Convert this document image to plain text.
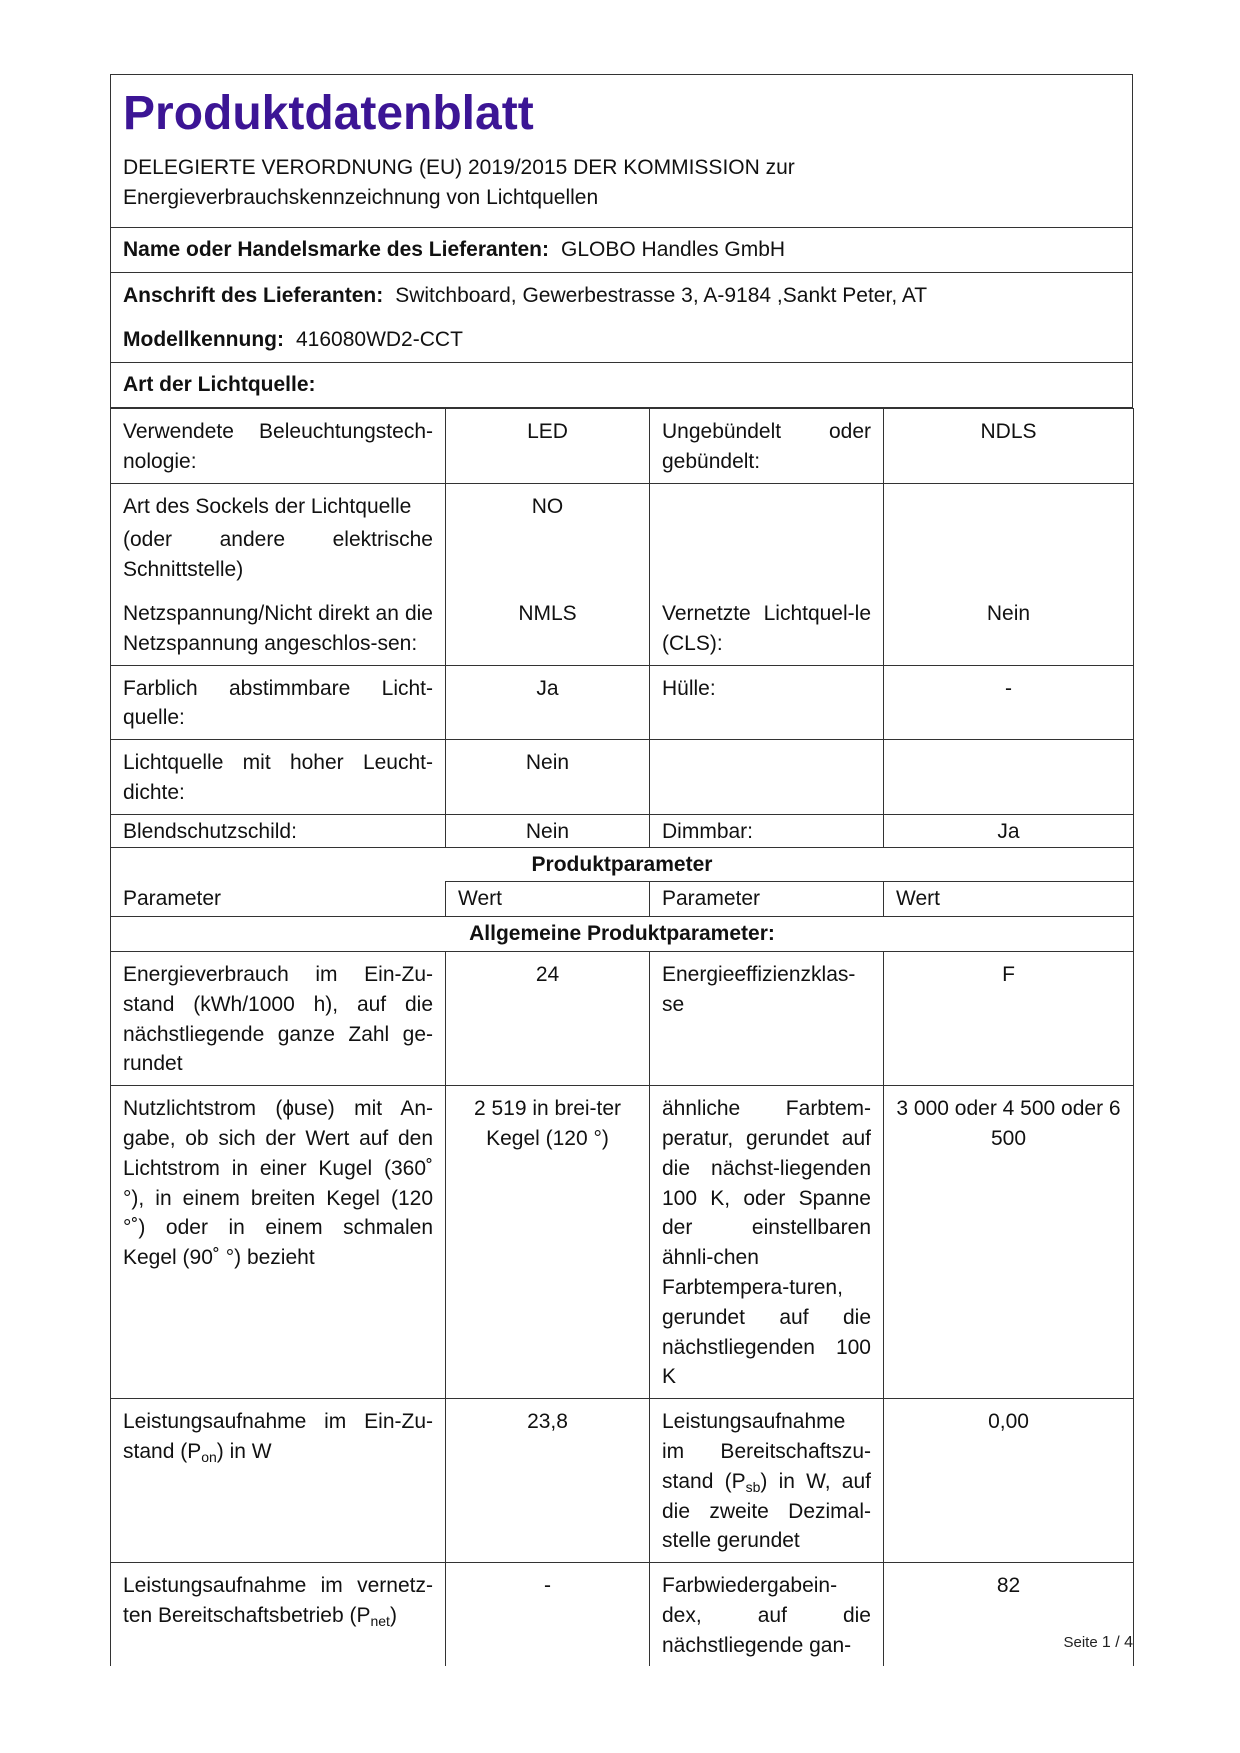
Produktdatenblatt
DELEGIERTE VERORDNUNG (EU) 2019/2015 DER KOMMISSION zur
Energieverbrauchskennzeichnung von Lichtquellen
Name oder Handelsmarke des Lieferanten: GLOBO Handles GmbH
Anschrift des Lieferanten: Switchboard, Gewerbestrasse 3, A-9184 ,Sankt Peter, AT
Modellkennung: 416080WD2-CCT
Art der Lichtquelle:
Verwendete Beleuchtungstech-nologie:	LED	Ungebündelt oder gebündelt:	NDLS

Art des Sockels der Lichtquelle
(oder andere elektrische
Schnittstelle)	NO		
Netzspannung/Nicht direkt an die Netzspannung angeschlos-sen:	NMLS	Vernetzte Lichtquel-le (CLS):	Nein
Farblich abstimmbare Licht-quelle:	Ja	Hülle:	-
Lichtquelle mit hoher Leucht-dichte:	Nein		
Blendschutzschild:	Nein	Dimmbar:	Ja
Produktparameter			
Parameter	Wert	Parameter	Wert
Allgemeine Produktparameter:			
Energieverbrauch im Ein-Zu-stand (kWh/1000 h), auf die nächstliegende ganze Zahl ge-rundet	24	Energieeffizienzklas-se	F
Nutzlichtstrom (ɸuse) mit An-gabe, ob sich der Wert auf den Lichtstrom in einer Kugel (360˚ °), in einem breiten Kegel (120 °˚) oder in einem schmalen Kegel (90˚ °) bezieht	2 519 in brei-ter Kegel (120 °)	ähnliche Farbtem-peratur, gerundet auf die nächst-liegenden 100 K, oder Spanne der einstellbaren ähnli-chen Farbtempera-turen, gerundet auf die nächstliegenden 100 K	3 000 oder 4 500 oder 6 500
Leistungsaufnahme im Ein-Zu-stand $(P_{on})$ in W	23,8	Leistungsaufnahme im Bereitschaftszu-stand $(P_{sb})$ in W, auf die zweite Dezimal-stelle gerundet	0,00
Leistungsaufnahme im vernetz-ten Bereitschaftsbetrieb $(P_{net})$	-	Farbwiedergabein-dex, auf die nächstliegende gan-	82
Seite 1 / 4
